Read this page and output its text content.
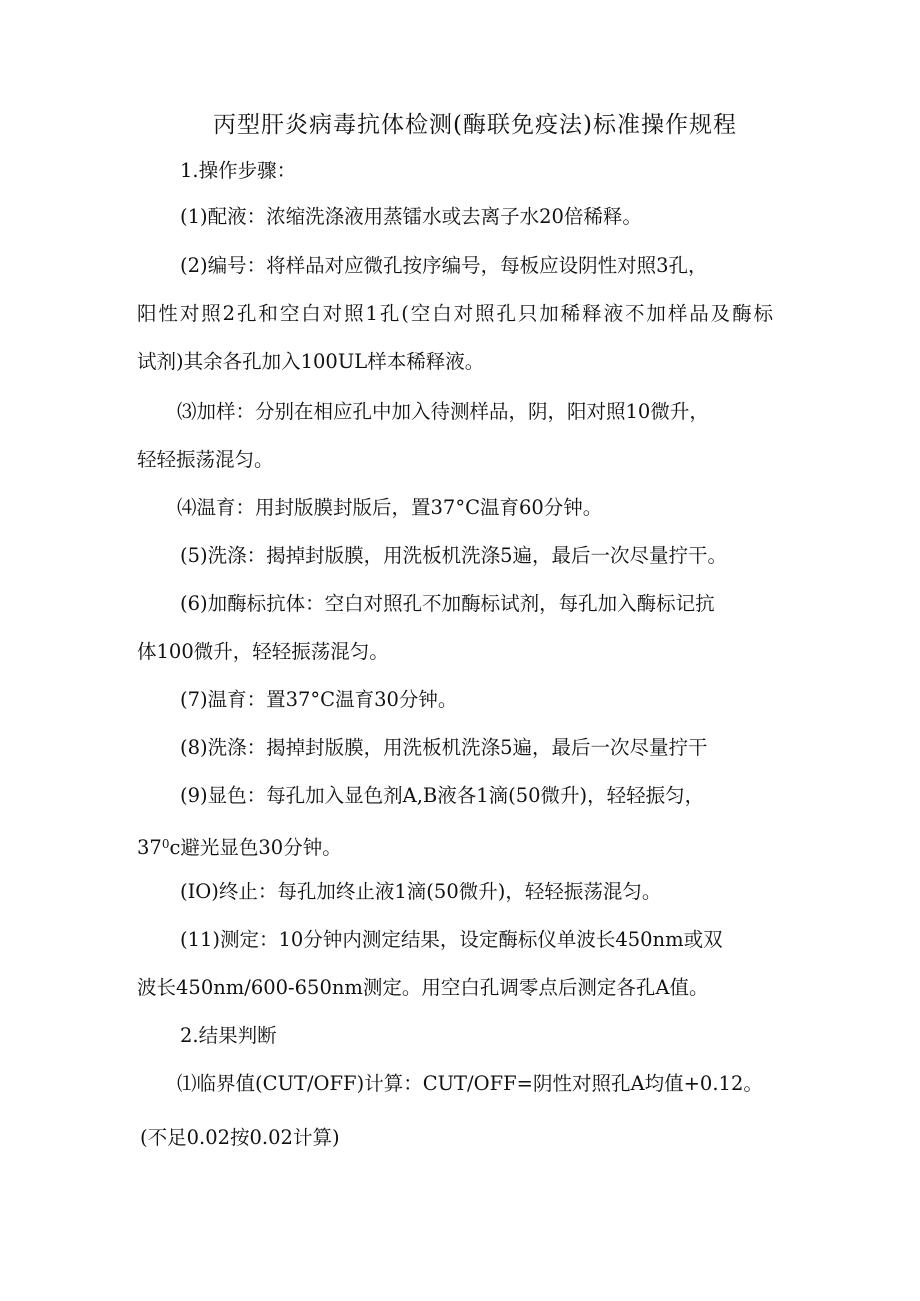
丙型肝炎病毒抗体检测(酶联免疫法)标准操作规程
1.操作步骤：
(1)配液：浓缩洗涤液用蒸镭水或去离子水20倍稀释。
(2)编号：将样品对应微孔按序编号，每板应设阴性对照3孔，
阳性对照2孔和空白对照1孔(空白对照孔只加稀释液不加样品及酶标
试剂)其余各孔加入100UL样本稀释液。
⑶加样：分别在相应孔中加入待测样品，阴，阳对照10微升，
轻轻振荡混匀。
⑷温育：用封版膜封版后，置37°C温育60分钟。
(5)洗涤：揭掉封版膜，用洗板机洗涤5遍，最后一次尽量拧干。
(6)加酶标抗体：空白对照孔不加酶标试剂，每孔加入酶标记抗
体100微升，轻轻振荡混匀。
(7)温育：置37°C温育30分钟。
(8)洗涤：揭掉封版膜，用洗板机洗涤5遍，最后一次尽量拧干
(9)显色：每孔加入显色剂A,B液各1滴(50微升)，轻轻振匀，
$37^0c$避光显色30分钟。
(IO)终止：每孔加终止液1滴(50微升)，轻轻振荡混匀。
(11)测定：10分钟内测定结果，设定酶标仪单波长450nm或双
波长450nm/600-650nm测定。用空白孔调零点后测定各孔A值。
2.结果判断
⑴临界值(CUT/OFF)计算：CUT/OFF=阴性对照孔A均值+0.12。
(不足0.02按0.02计算)
